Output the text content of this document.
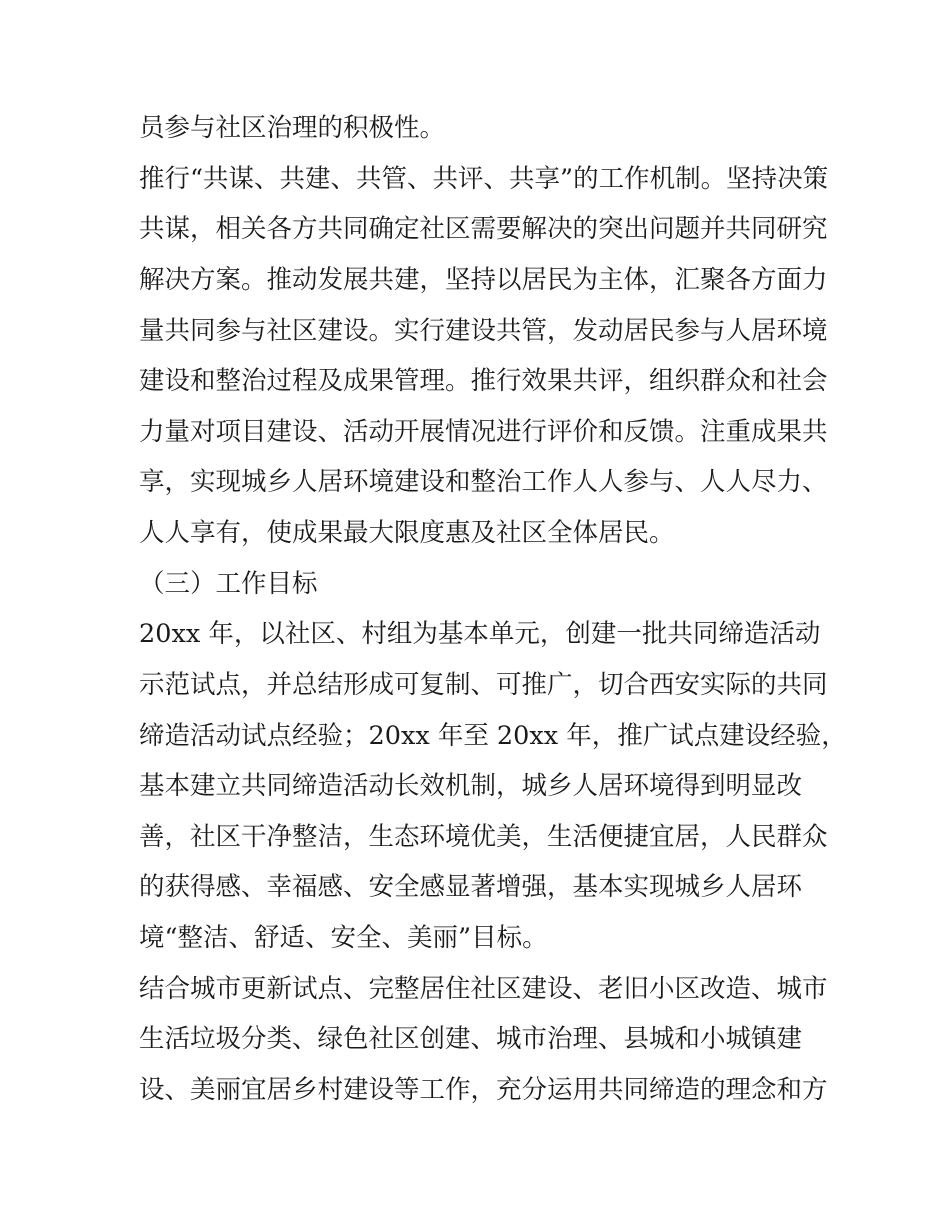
员参与社区治理的积极性。
推行“共谋、共建、共管、共评、共享”的工作机制。坚持决策
共谋，相关各方共同确定社区需要解决的突出问题并共同研究
解决方案。推动发展共建，坚持以居民为主体，汇聚各方面力
量共同参与社区建设。实行建设共管，发动居民参与人居环境
建设和整治过程及成果管理。推行效果共评，组织群众和社会
力量对项目建设、活动开展情况进行评价和反馈。注重成果共
享，实现城乡人居环境建设和整治工作人人参与、人人尽力、
人人享有，使成果最大限度惠及社区全体居民。
（三）工作目标
20xx 年，以社区、村组为基本单元，创建一批共同缔造活动
示范试点，并总结形成可复制、可推广，切合西安实际的共同
缔造活动试点经验；20xx 年至 20xx 年，推广试点建设经验，
基本建立共同缔造活动长效机制，城乡人居环境得到明显改
善，社区干净整洁，生态环境优美，生活便捷宜居，人民群众
的获得感、幸福感、安全感显著增强，基本实现城乡人居环
境“整洁、舒适、安全、美丽”目标。
结合城市更新试点、完整居住社区建设、老旧小区改造、城市
生活垃圾分类、绿色社区创建、城市治理、县城和小城镇建
设、美丽宜居乡村建设等工作，充分运用共同缔造的理念和方
